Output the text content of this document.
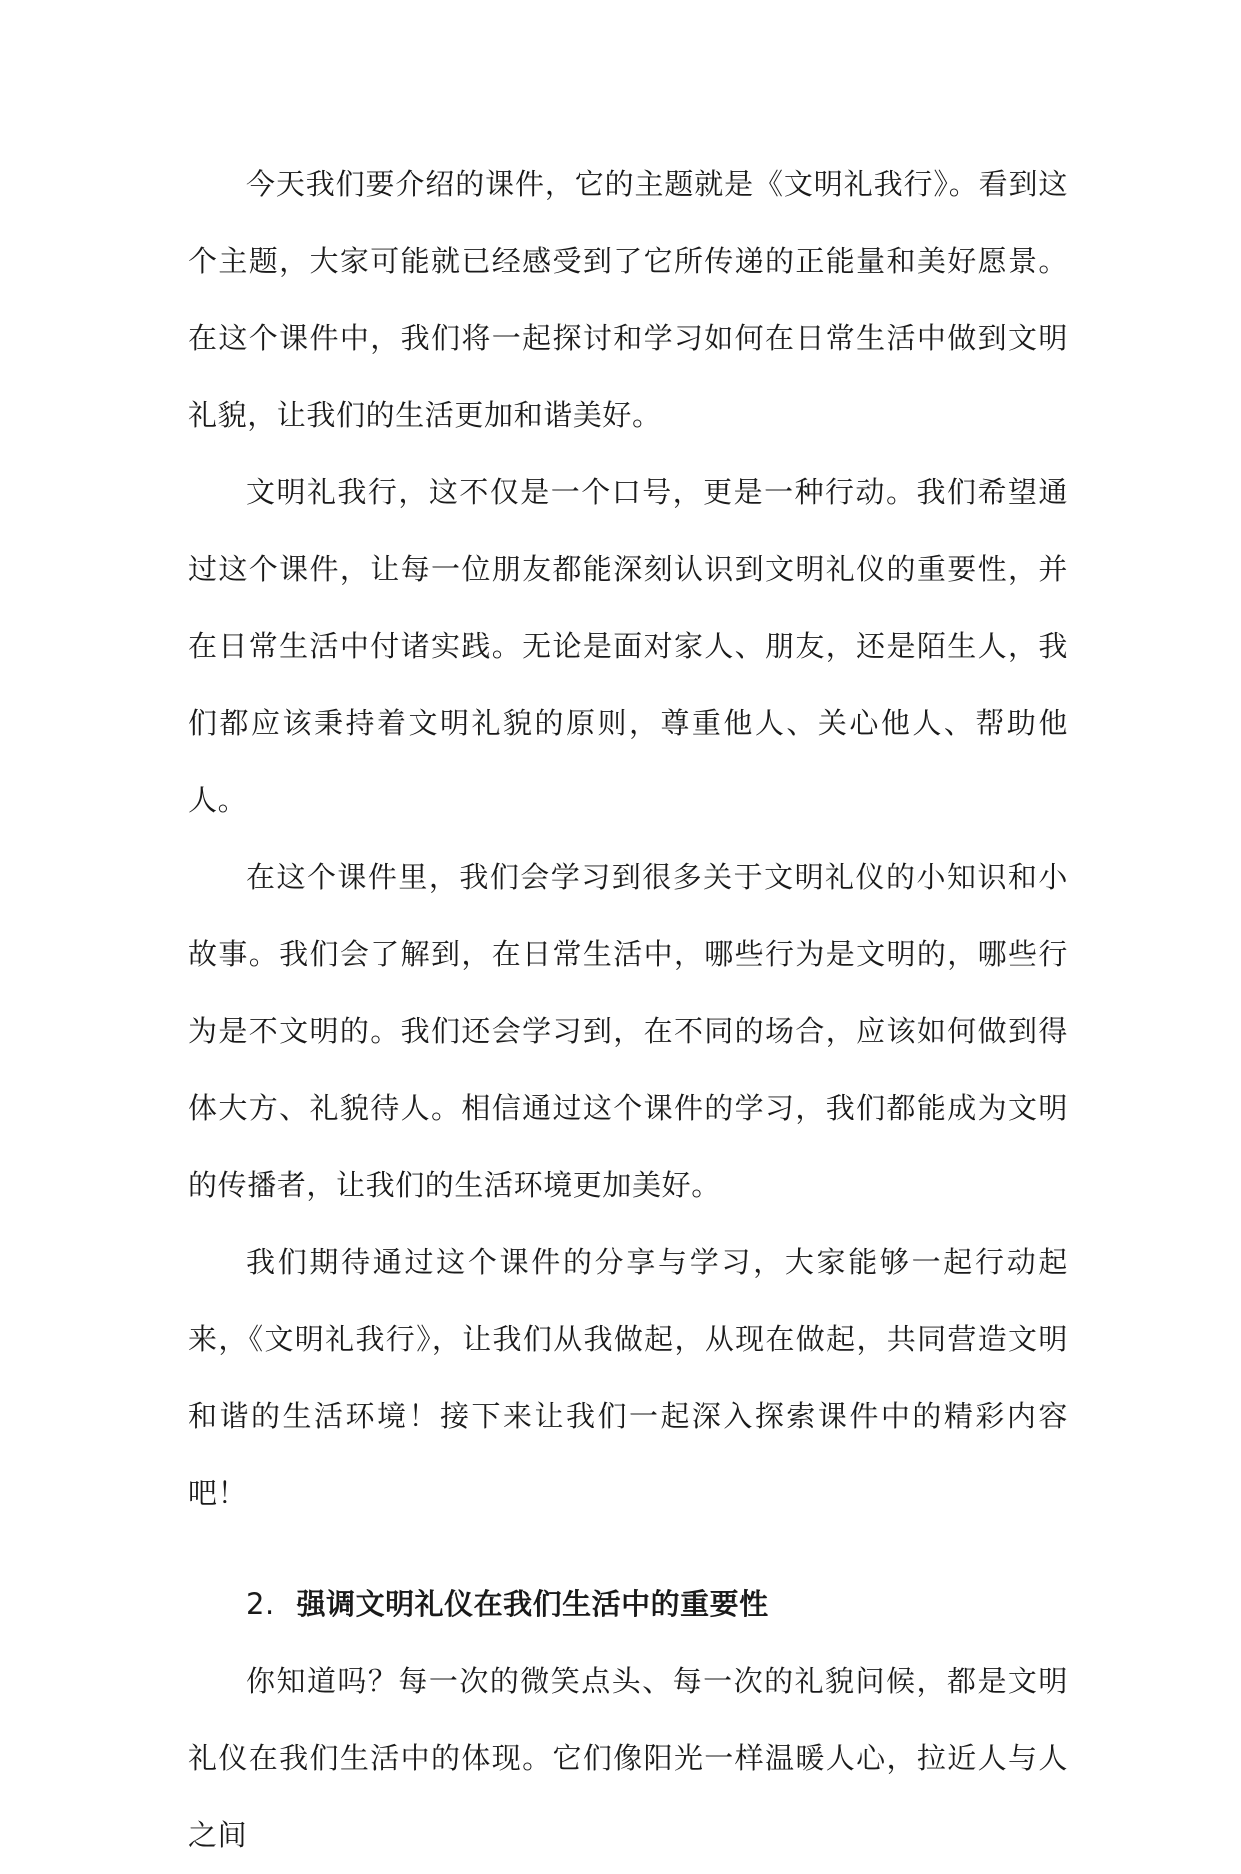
今天我们要介绍的课件，它的主题就是《文明礼我行》。看到这个主题，大家可能就已经感受到了它所传递的正能量和美好愿景。在这个课件中，我们将一起探讨和学习如何在日常生活中做到文明礼貌，让我们的生活更加和谐美好。

文明礼我行，这不仅是一个口号，更是一种行动。我们希望通过这个课件，让每一位朋友都能深刻认识到文明礼仪的重要性，并在日常生活中付诸实践。无论是面对家人、朋友，还是陌生人，我们都应该秉持着文明礼貌的原则，尊重他人、关心他人、帮助他人。

在这个课件里，我们会学习到很多关于文明礼仪的小知识和小故事。我们会了解到，在日常生活中，哪些行为是文明的，哪些行为是不文明的。我们还会学习到，在不同的场合，应该如何做到得体大方、礼貌待人。相信通过这个课件的学习，我们都能成为文明的传播者，让我们的生活环境更加美好。

我们期待通过这个课件的分享与学习，大家能够一起行动起来，《文明礼我行》，让我们从我做起，从现在做起，共同营造文明和谐的生活环境！接下来让我们一起深入探索课件中的精彩内容吧！

2. 强调文明礼仪在我们生活中的重要性

你知道吗？每一次的微笑点头、每一次的礼貌问候，都是文明礼仪在我们生活中的体现。它们像阳光一样温暖人心，拉近人与人之间
